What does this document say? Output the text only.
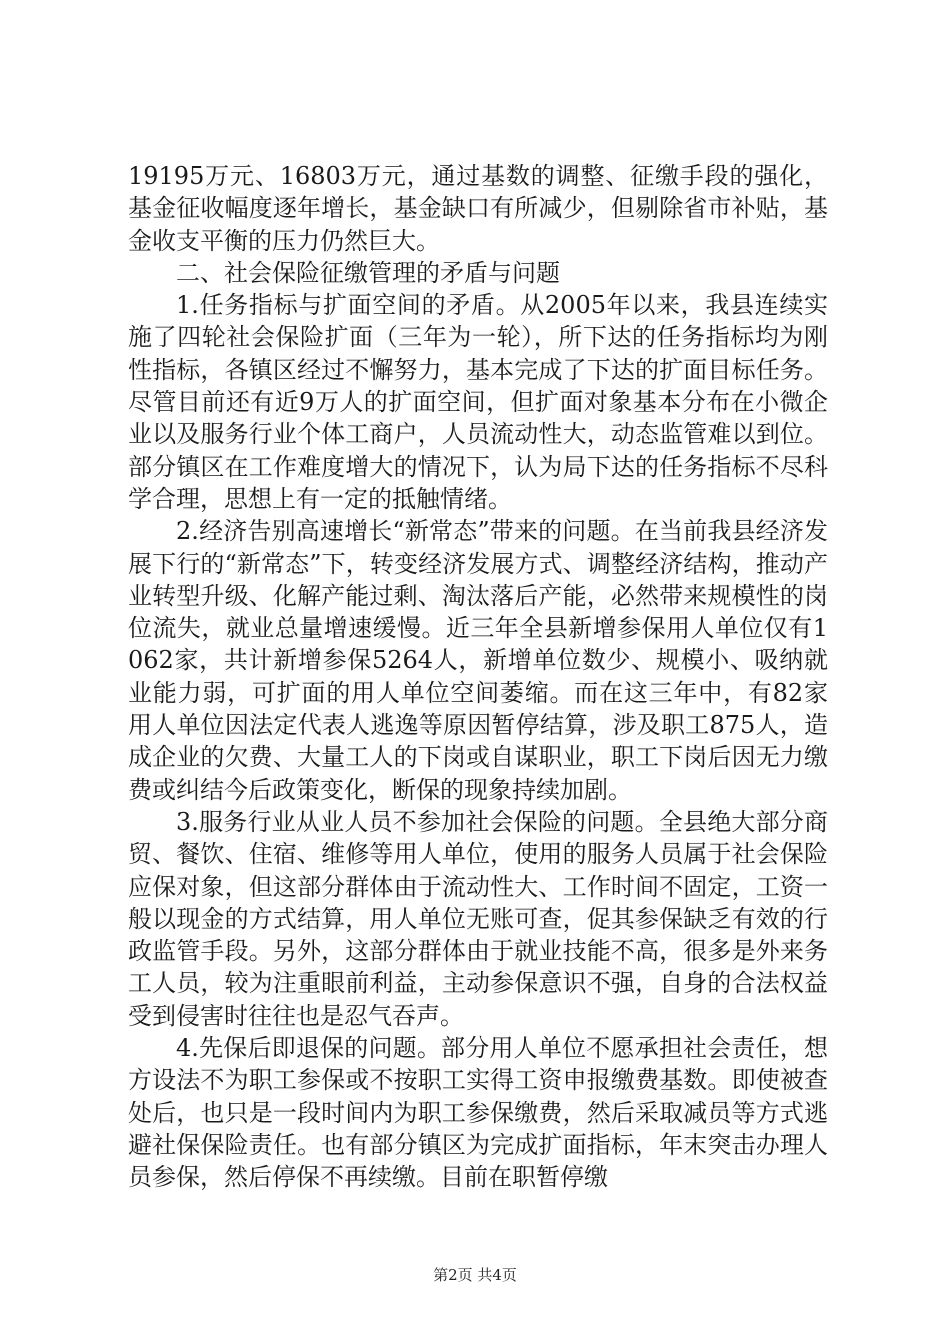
19195万元、16803万元，通过基数的调整、征缴手段的强化，基金征收幅度逐年增长，基金缺口有所减少，但剔除省市补贴，基金收支平衡的压力仍然巨大。

二、社会保险征缴管理的矛盾与问题

1.任务指标与扩面空间的矛盾。从2005年以来，我县连续实施了四轮社会保险扩面（三年为一轮），所下达的任务指标均为刚性指标，各镇区经过不懈努力，基本完成了下达的扩面目标任务。尽管目前还有近9万人的扩面空间，但扩面对象基本分布在小微企业以及服务行业个体工商户，人员流动性大，动态监管难以到位。部分镇区在工作难度增大的情况下，认为局下达的任务指标不尽科学合理，思想上有一定的抵触情绪。

2.经济告别高速增长“新常态”带来的问题。在当前我县经济发展下行的“新常态”下，转变经济发展方式、调整经济结构，推动产业转型升级、化解产能过剩、淘汰落后产能，必然带来规模性的岗位流失，就业总量增速缓慢。近三年全县新增参保用人单位仅有1062家，共计新增参保5264人，新增单位数少、规模小、吸纳就业能力弱，可扩面的用人单位空间萎缩。而在这三年中，有82家用人单位因法定代表人逃逸等原因暂停结算，涉及职工875人，造成企业的欠费、大量工人的下岗或自谋职业，职工下岗后因无力缴费或纠结今后政策变化，断保的现象持续加剧。

3.服务行业从业人员不参加社会保险的问题。全县绝大部分商贸、餐饮、住宿、维修等用人单位，使用的服务人员属于社会保险应保对象，但这部分群体由于流动性大、工作时间不固定，工资一般以现金的方式结算，用人单位无账可查，促其参保缺乏有效的行政监管手段。另外，这部分群体由于就业技能不高，很多是外来务工人员，较为注重眼前利益，主动参保意识不强，自身的合法权益受到侵害时往往也是忍气吞声。

4.先保后即退保的问题。部分用人单位不愿承担社会责任，想方设法不为职工参保或不按职工实得工资申报缴费基数。即使被查处后，也只是一段时间内为职工参保缴费，然后采取减员等方式逃避社保保险责任。也有部分镇区为完成扩面指标，年末突击办理人员参保，然后停保不再续缴。目前在职暂停缴

第2页 共4页
